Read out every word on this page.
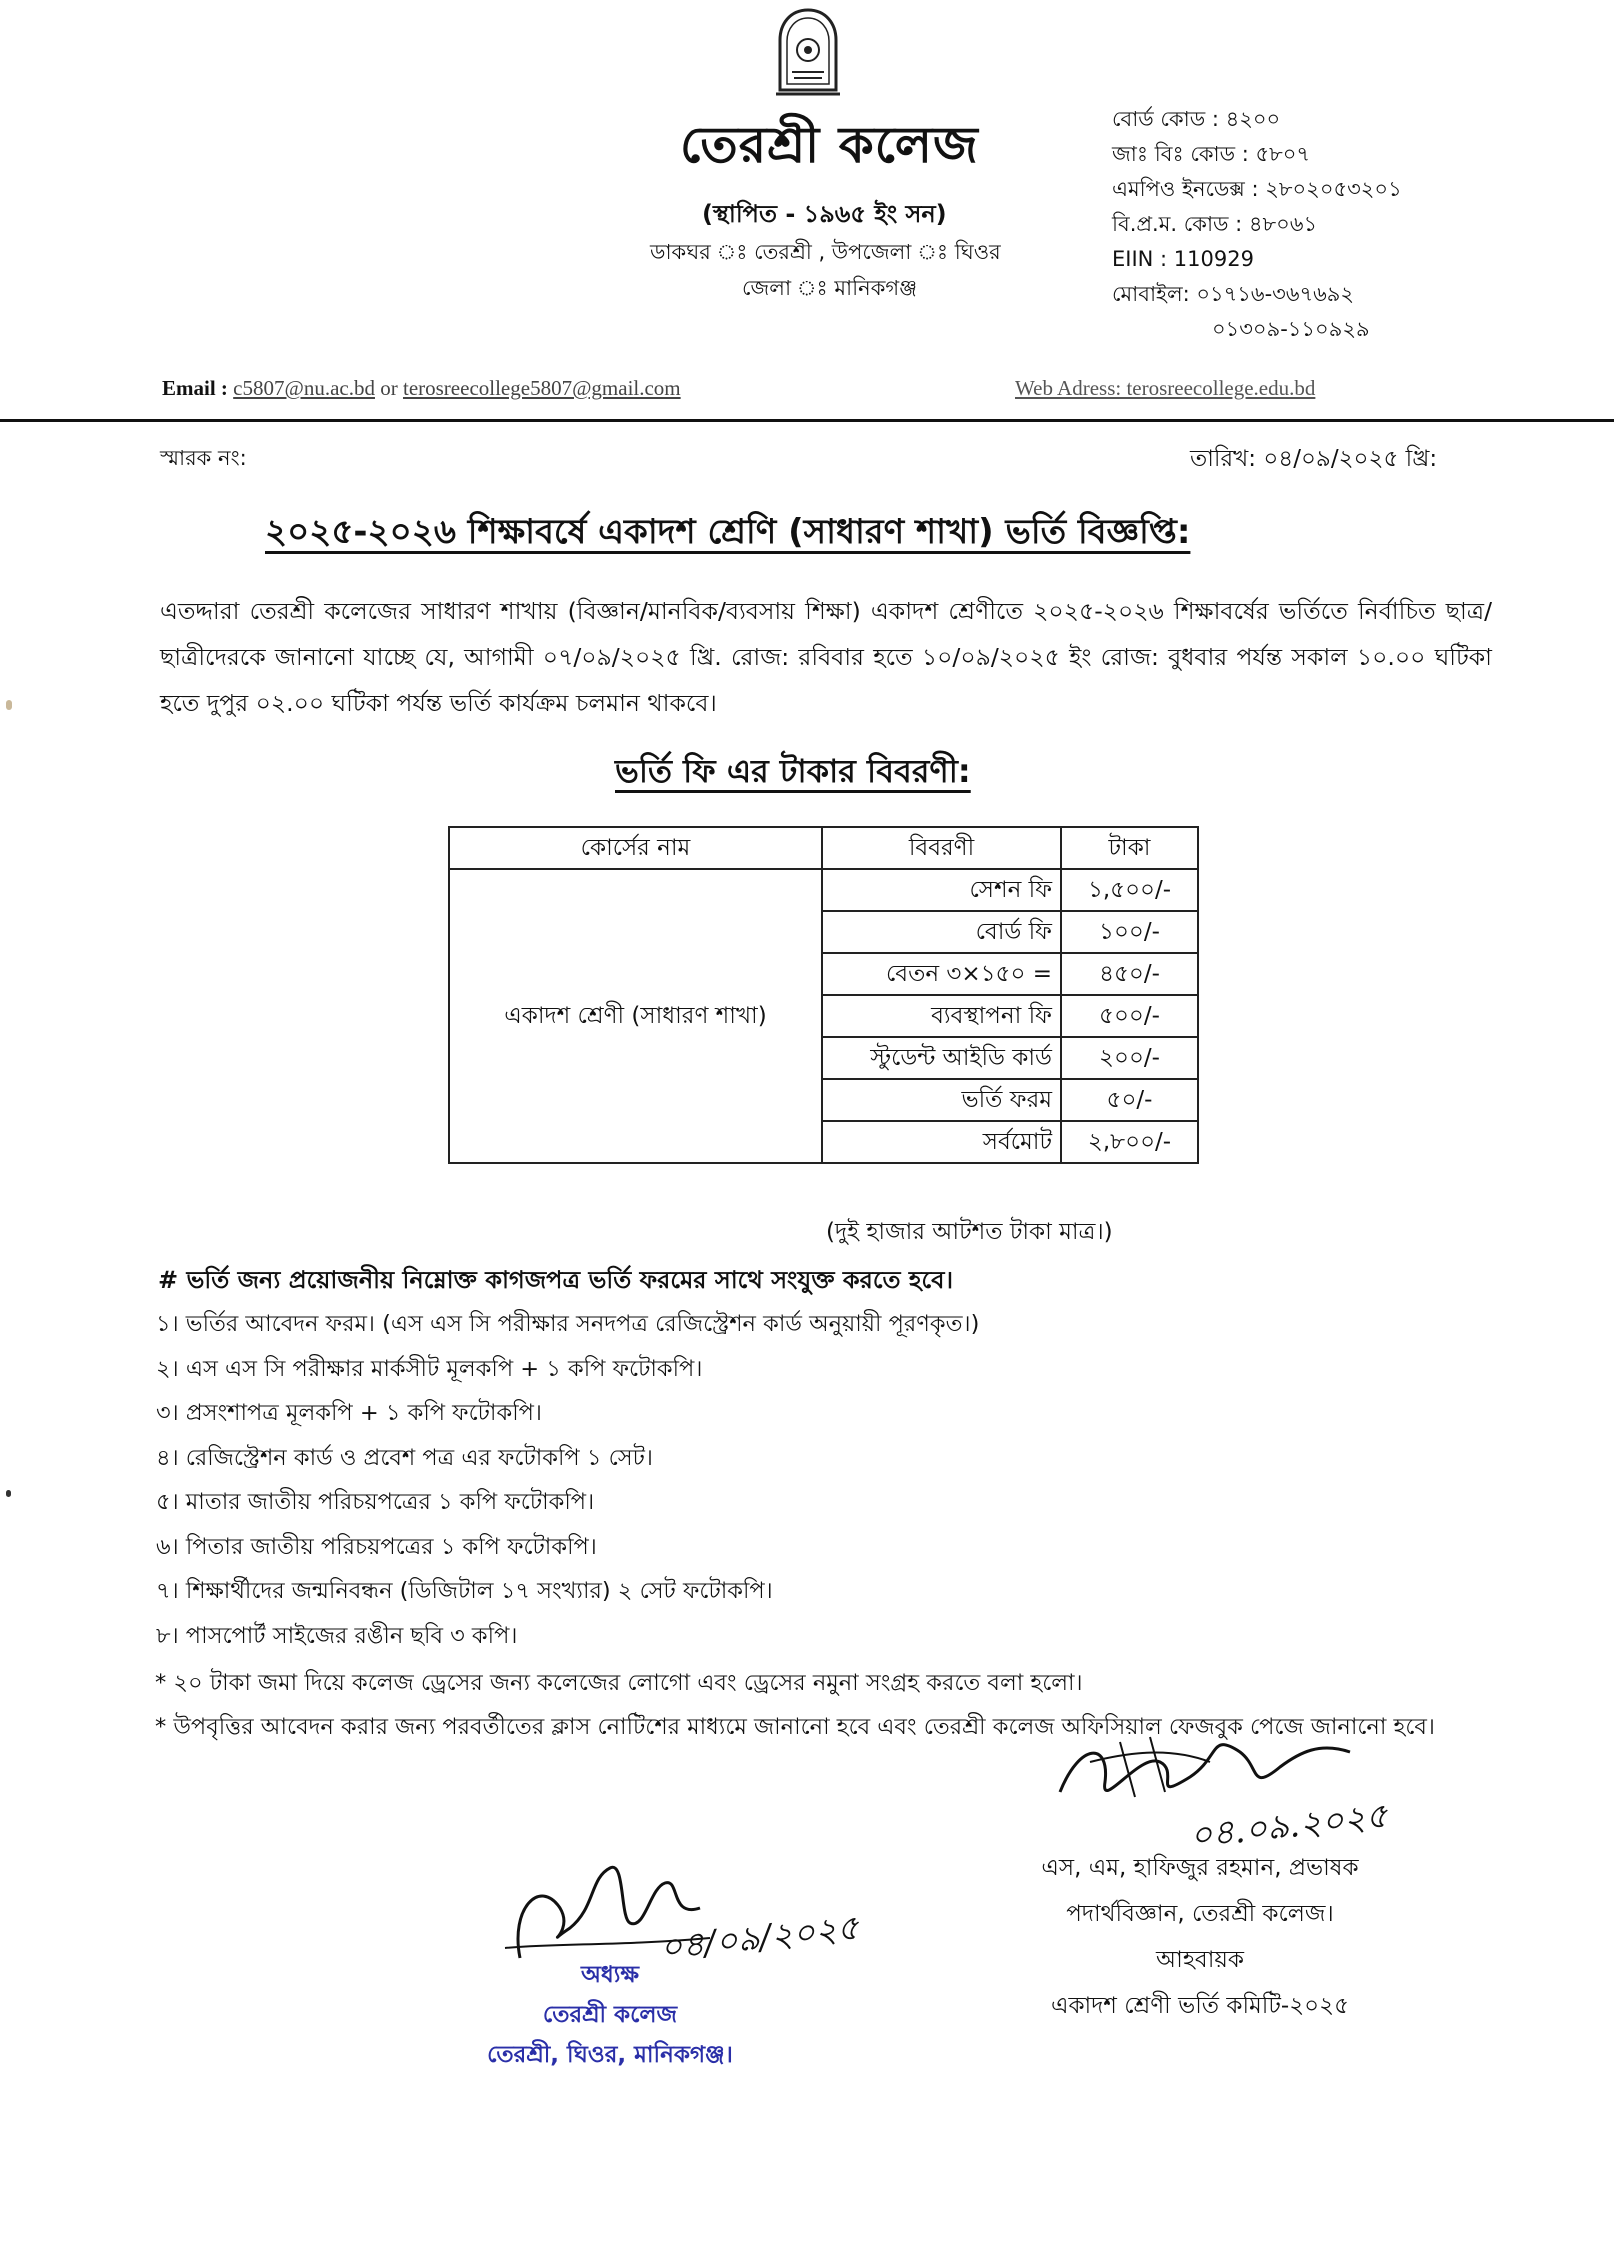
তেরশ্রী কলেজ
(স্থাপিত - ১৯৬৫ ইং সন)
ডাকঘর ঃ তেরশ্রী , উপজেলা ঃ ঘিওর
জেলা ঃ মানিকগঞ্জ
বোর্ড কোড : ৪২০০
জাঃ বিঃ কোড : ৫৮০৭
এমপিও ইনডেক্স : ২৮০২০৫৩২০১
বি.প্র.ম. কোড : ৪৮০৬১
EIIN : 110929
মোবাইল: ০১৭১৬-৩৬৭৬৯২
০১৩০৯-১১০৯২৯
Email : c5807@nu.ac.bd or terosreecollege5807@gmail.com	Web Adress: terosreecollege.edu.bd
স্মারক নং:	তারিখ: ০৪/০৯/২০২৫ খ্রি:
২০২৫-২০২৬ শিক্ষাবর্ষে একাদশ শ্রেণি (সাধারণ শাখা) ভর্তি বিজ্ঞপ্তি:
এতদ্দারা তেরশ্রী কলেজের সাধারণ শাখায় (বিজ্ঞান/মানবিক/ব্যবসায় শিক্ষা) একাদশ শ্রেণীতে ২০২৫-২০২৬ শিক্ষাবর্ষের ভর্তিতে নির্বাচিত ছাত্র/ছাত্রীদেরকে জানানো যাচ্ছে যে, আগামী ০৭/০৯/২০২৫ খ্রি. রোজ: রবিবার হতে ১০/০৯/২০২৫ ইং রোজ: বুধবার পর্যন্ত সকাল ১০.০০ ঘটিকা হতে দুপুর ০২.০০ ঘটিকা পর্যন্ত ভর্তি কার্যক্রম চলমান থাকবে।
ভর্তি ফি এর টাকার বিবরণী:
কোর্সের নাম	বিবরণী	টাকা
একাদশ শ্রেণী (সাধারণ শাখা)	সেশন ফি	১,৫০০/-
	বোর্ড ফি	১০০/-
	বেতন ৩×১৫০ =	৪৫০/-
	ব্যবস্থাপনা ফি	৫০০/-
	স্টুডেন্ট আইডি কার্ড	২০০/-
	ভর্তি ফরম	৫০/-
	সর্বমোট	২,৮০০/-
(দুই হাজার আটশত টাকা মাত্র।)
# ভর্তি জন্য প্রয়োজনীয় নিম্নোক্ত কাগজপত্র ভর্তি ফরমের সাথে সংযুক্ত করতে হবে।
১। ভর্তির আবেদন ফরম। (এস এস সি পরীক্ষার সনদপত্র রেজিস্ট্রেশন কার্ড অনুয়ায়ী পূরণকৃত।)
২। এস এস সি পরীক্ষার মার্কসীট মূলকপি + ১ কপি ফটোকপি।
৩। প্রসংশাপত্র মূলকপি + ১ কপি ফটোকপি।
৪। রেজিস্ট্রেশন কার্ড ও প্রবেশ পত্র এর ফটোকপি ১ সেট।
৫। মাতার জাতীয় পরিচয়পত্রের ১ কপি ফটোকপি।
৬। পিতার জাতীয় পরিচয়পত্রের ১ কপি ফটোকপি।
৭। শিক্ষার্থীদের জন্মনিবন্ধন (ডিজিটাল ১৭ সংখ্যার) ২ সেট ফটোকপি।
৮। পাসপোর্ট সাইজের রঙীন ছবি ৩ কপি।
* ২০ টাকা জমা দিয়ে কলেজ ড্রেসের জন্য কলেজের লোগো এবং ড্রেসের নমুনা সংগ্রহ করতে বলা হলো।
* উপবৃত্তির আবেদন করার জন্য পরবর্তীতের ক্লাস নোটিশের মাধ্যমে জানানো হবে এবং তেরশ্রী কলেজ অফিসিয়াল ফেজবুক পেজে জানানো হবে।
০৪.০৯.২০২৫
এস, এম, হাফিজুর রহমান, প্রভাষক
পদার্থবিজ্ঞান, তেরশ্রী কলেজ।
আহবায়ক
একাদশ শ্রেণী ভর্তি কমিটি-২০২৫
০৪/০৯/২০২৫
অধ্যক্ষ
তেরশ্রী কলেজ
তেরশ্রী, ঘিওর, মানিকগঞ্জ।
